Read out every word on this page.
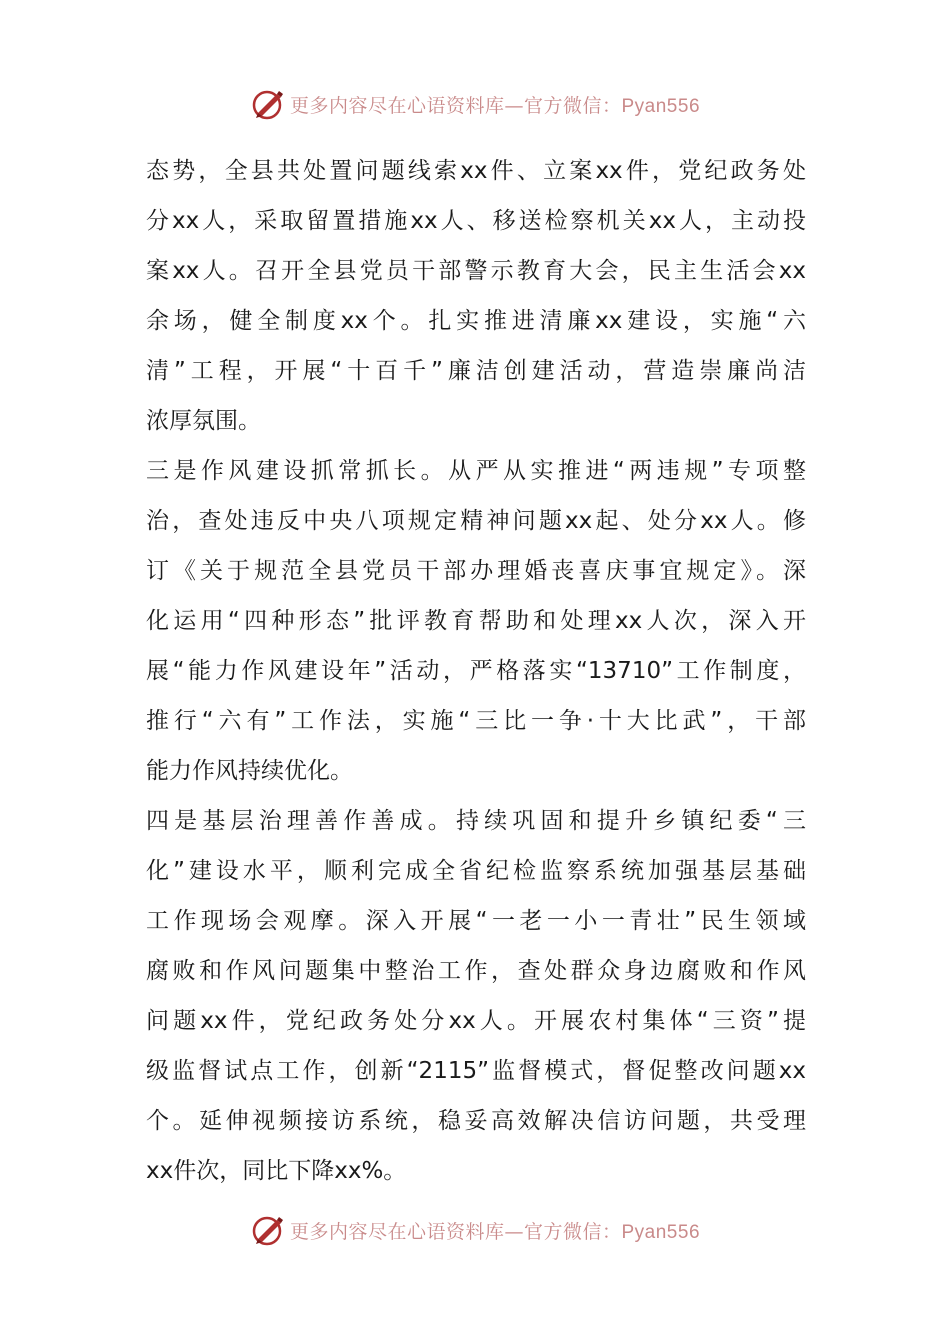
更多内容尽在心语资料库—官方微信：Pyan556
态势，全县共处置问题线索xx件、立案xx件，党纪政务处
分xx人，采取留置措施xx人、移送检察机关xx人，主动投
案xx人。召开全县党员干部警示教育大会，民主生活会xx
余场，健全制度xx个。扎实推进清廉xx建设，实施“六
清”工程，开展“十百千”廉洁创建活动，营造崇廉尚洁
浓厚氛围。
三是作风建设抓常抓长。从严从实推进“两违规”专项整
治，查处违反中央八项规定精神问题xx起、处分xx人。修
订《关于规范全县党员干部办理婚丧喜庆事宜规定》。深
化运用“四种形态”批评教育帮助和处理xx人次，深入开
展“能力作风建设年”活动，严格落实“13710”工作制度，
推行“六有”工作法，实施“三比一争·十大比武”，干部
能力作风持续优化。
四是基层治理善作善成。持续巩固和提升乡镇纪委“三
化”建设水平，顺利完成全省纪检监察系统加强基层基础
工作现场会观摩。深入开展“一老一小一青壮”民生领域
腐败和作风问题集中整治工作，查处群众身边腐败和作风
问题xx件，党纪政务处分xx人。开展农村集体“三资”提
级监督试点工作，创新“2115”监督模式，督促整改问题xx
个。延伸视频接访系统，稳妥高效解决信访问题，共受理
xx件次，同比下降xx%。
更多内容尽在心语资料库—官方微信：Pyan556
